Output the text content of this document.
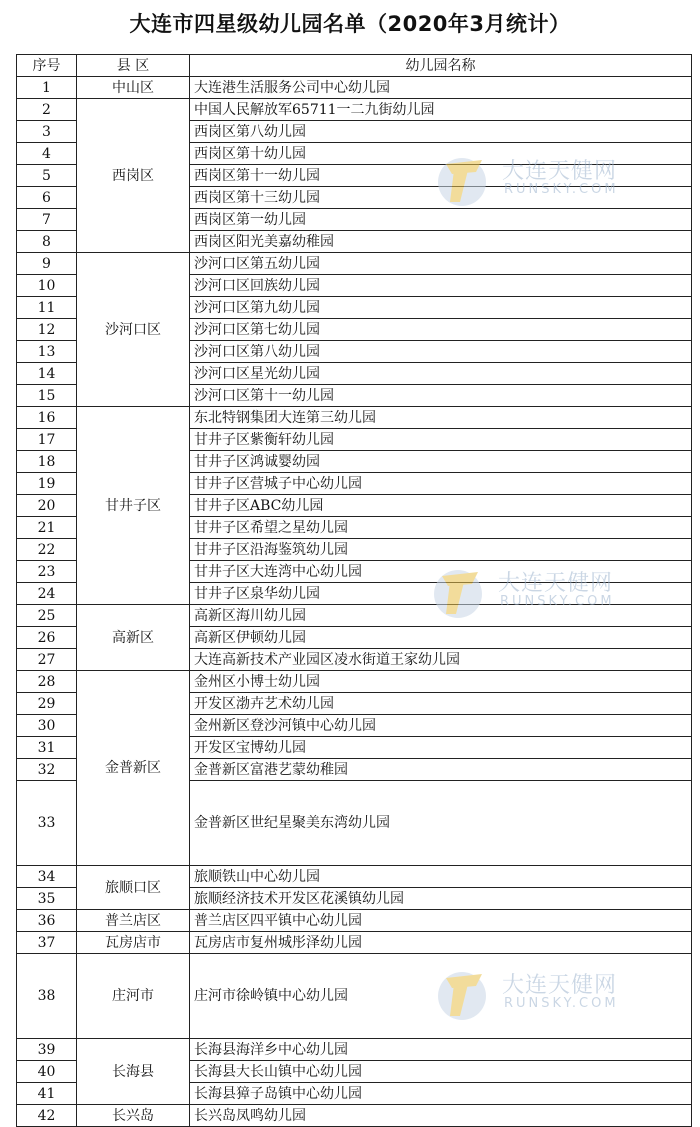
大连市四星级幼儿园名单（2020年3月统计）
序号	县 区	幼儿园名称
1	中山区	大连港生活服务公司中心幼儿园
2	西岗区	中国人民解放军65711一二九街幼儿园
3		西岗区第八幼儿园
4		西岗区第十幼儿园
5		西岗区第十一幼儿园
6		西岗区第十三幼儿园
7		西岗区第一幼儿园
8		西岗区阳光美嘉幼稚园
9	沙河口区	沙河口区第五幼儿园
10		沙河口区回族幼儿园
11		沙河口区第九幼儿园
12		沙河口区第七幼儿园
13		沙河口区第八幼儿园
14		沙河口区星光幼儿园
15		沙河口区第十一幼儿园
16	甘井子区	东北特钢集团大连第三幼儿园
17		甘井子区紫衡轩幼儿园
18		甘井子区鸿诚婴幼园
19		甘井子区营城子中心幼儿园
20		甘井子区ABC幼儿园
21		甘井子区希望之星幼儿园
22		甘井子区沿海鉴筑幼儿园
23		甘井子区大连湾中心幼儿园
24		甘井子区泉华幼儿园
25	高新区	高新区海川幼儿园
26		高新区伊顿幼儿园
27		大连高新技术产业园区凌水街道王家幼儿园
28	金普新区	金州区小博士幼儿园
29		开发区渤卉艺术幼儿园
30		金州新区登沙河镇中心幼儿园
31		开发区宝博幼儿园
32		金普新区富港艺蒙幼稚园
33		金普新区世纪星聚美东湾幼儿园
34	旅顺口区	旅顺铁山中心幼儿园
35		旅顺经济技术开发区花溪镇幼儿园
36	普兰店区	普兰店区四平镇中心幼儿园
37	瓦房店市	瓦房店市复州城彤泽幼儿园
38	庄河市	庄河市徐岭镇中心幼儿园
39	长海县	长海县海洋乡中心幼儿园
40		长海县大长山镇中心幼儿园
41		长海县獐子岛镇中心幼儿园
42	长兴岛	长兴岛凤鸣幼儿园
大连天健网
RUNSKY.COM
大连天健网
RUNSKY.COM
大连天健网
RUNSKY.COM
